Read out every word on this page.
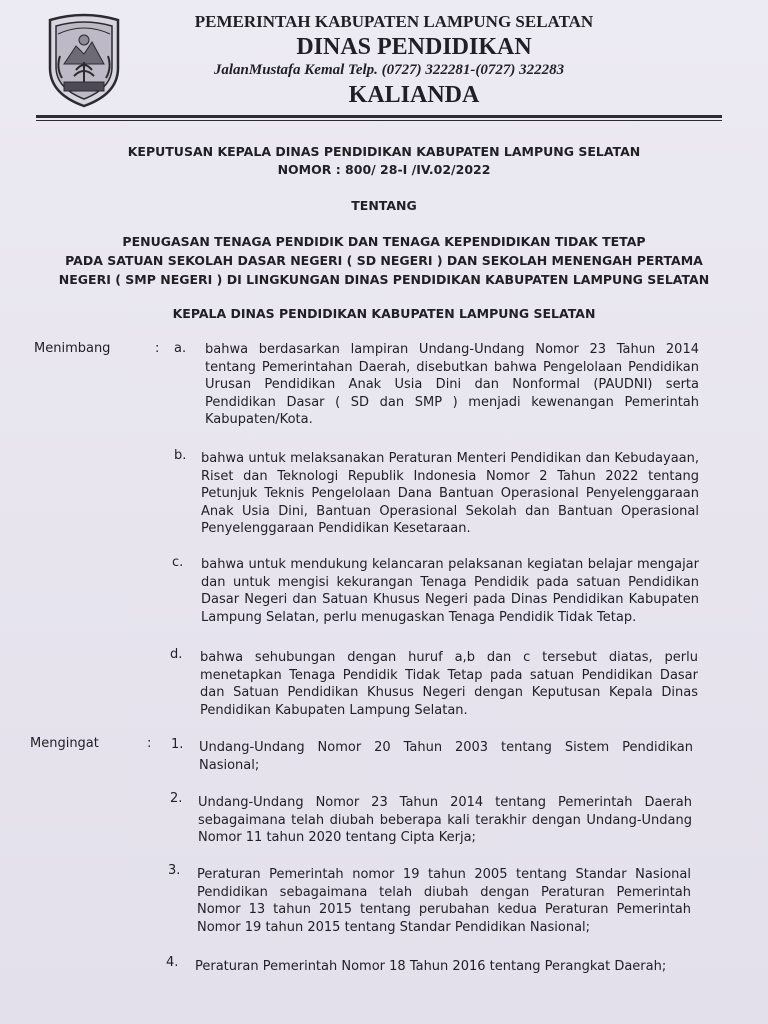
PEMERINTAH KABUPATEN LAMPUNG SELATAN
DINAS PENDIDIKAN
JalanMustafa Kemal Telp. (0727) 322281-(0727) 322283
KALIANDA
KEPUTUSAN KEPALA DINAS PENDIDIKAN KABUPATEN LAMPUNG SELATAN
NOMOR : 800/ 28-I /IV.02/2022
TENTANG
PENUGASAN TENAGA PENDIDIK DAN TENAGA KEPENDIDIKAN TIDAK TETAP
PADA SATUAN SEKOLAH DASAR NEGERI ( SD NEGERI ) DAN SEKOLAH MENENGAH PERTAMA
NEGERI ( SMP NEGERI ) DI LINGKUNGAN DINAS PENDIDIKAN KABUPATEN LAMPUNG SELATAN
KEPALA DINAS PENDIDIKAN KABUPATEN LAMPUNG SELATAN
Menimbang	: a. bahwa berdasarkan lampiran Undang-Undang Nomor 23 Tahun 2014 tentang Pemerintahan Daerah, disebutkan bahwa Pengelolaan Pendidikan Urusan Pendidikan Anak Usia Dini dan Nonformal (PAUDNI) serta Pendidikan Dasar ( SD dan SMP ) menjadi kewenangan Pemerintah Kabupaten/Kota.

b. bahwa untuk melaksanakan Peraturan Menteri Pendidikan dan Kebudayaan, Riset dan Teknologi Republik Indonesia Nomor 2 Tahun 2022 tentang Petunjuk Teknis Pengelolaan Dana Bantuan Operasional Penyelenggaraan Anak Usia Dini, Bantuan Operasional Sekolah dan Bantuan Operasional Penyelenggaraan Pendidikan Kesetaraan.

c. bahwa untuk mendukung kelancaran pelaksanan kegiatan belajar mengajar dan untuk mengisi kekurangan Tenaga Pendidik pada satuan Pendidikan Dasar Negeri dan Satuan Khusus Negeri pada Dinas Pendidikan Kabupaten Lampung Selatan, perlu menugaskan Tenaga Pendidik Tidak Tetap.

d. bahwa sehubungan dengan huruf a,b dan c tersebut diatas, perlu menetapkan Tenaga Pendidik Tidak Tetap pada satuan Pendidikan Dasar dan Satuan Pendidikan Khusus Negeri dengan Keputusan Kepala Dinas Pendidikan Kabupaten Lampung Selatan.

Mengingat	: 1. Undang-Undang Nomor 20 Tahun 2003 tentang Sistem Pendidikan Nasional;

2. Undang-Undang Nomor 23 Tahun 2014 tentang Pemerintah Daerah sebagaimana telah diubah beberapa kali terakhir dengan Undang-Undang Nomor 11 tahun 2020 tentang Cipta Kerja;

3. Peraturan Pemerintah nomor 19 tahun 2005 tentang Standar Nasional Pendidikan sebagaimana telah diubah dengan Peraturan Pemerintah Nomor 13 tahun 2015 tentang perubahan kedua Peraturan Pemerintah Nomor 19 tahun 2015 tentang Standar Pendidikan Nasional;

4. Peraturan Pemerintah Nomor 18 Tahun 2016 tentang Perangkat Daerah;
